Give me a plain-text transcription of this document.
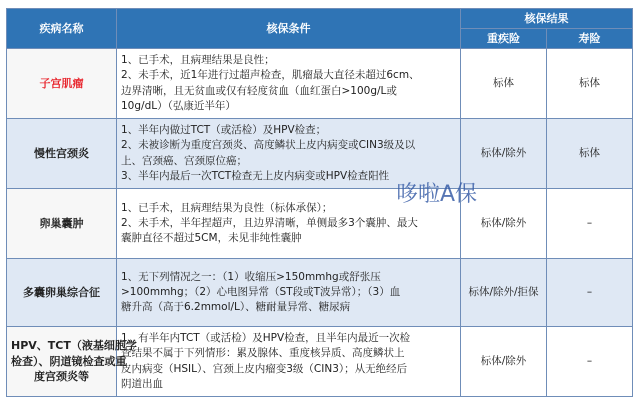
疾病名称	核保条件	核保结果	
		重疾险	寿险
子宫肌瘤	1、已手术，且病理结果是良性；
2、未手术，近1年进行过超声检查，肌瘤最大直径未超过6cm、
边界清晰，且无贫血或仅有轻度贫血（血红蛋白>100g/L或
10g/dL）（弘康近半年）	标体	标体
慢性宫颈炎	1、半年内做过TCT（或活检）及HPV检查；
2、未被诊断为重度宫颈炎、高度鳞状上皮内病变或CIN3级及以
上、宫颈癌、宫颈原位癌；
3、半年内最后一次TCT检查无上皮内病变或HPV检查阳性	标体/除外	标体
卵巢囊肿	1、已手术，且病理结果为良性（标体承保）；
2、未手术，半年捏超声，且边界清晰，单侧最多3个囊肿、最大
囊肿直径不超过5CM，未见非纯性囊肿	标体/除外	–
多囊卵巢综合征	1、无下列情况之一：（1）收缩压>150mmhg或舒张压
>100mmhg；（2）心电图异常（ST段或T波异常）；（3）血
糖升高（高于6.2mmol/L）、糖耐量异常、糖尿病	标体/除外/拒保	–

HPV、TCT（液基细胞学
检查）、阴道镜检查或重
度宫颈炎等	1、有半年内TCT（或活检）及HPV检查，且半年内最近一次检
查结果不属于下列情形：累及腺体、重度核异质、高度鳞状上
皮内病变（HSIL）、宫颈上皮内瘤变3级（CIN3）；从无绝经后
阴道出血	标体/除外	–
哆啦A保
